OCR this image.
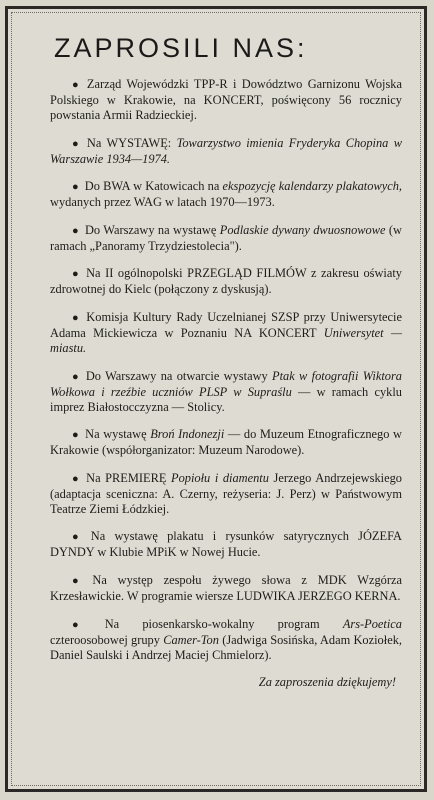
ZAPROSILI NAS:

● Zarząd Wojewódzki TPP-R i Dowództwo Garnizonu Wojska Polskiego w Krakowie, na KONCERT, poświęcony 56 rocznicy powstania Armii Radzieckiej.

● Na WYSTAWĘ: Towarzystwo imienia Fryderyka Chopina w Warszawie 1934—1974.

● Do BWA w Katowicach na ekspozycję kalendarzy plakatowych, wydanych przez WAG w latach 1970—1973.

● Do Warszawy na wystawę Podlaskie dywany dwuosnowowe (w ramach „Panoramy Trzydziestolecia").

● Na II ogólnopolski PRZEGLĄD FILMÓW z zakresu oświaty zdrowotnej do Kielc (połączony z dyskusją).

● Komisja Kultury Rady Uczelnianej SZSP przy Uniwersytecie Adama Mickiewicza w Poznaniu NA KONCERT Uniwersytet — miastu.

● Do Warszawy na otwarcie wystawy Ptak w fotografii Wiktora Wołkowa i rzeźbie uczniów PLSP w Supraślu — w ramach cyklu imprez Białostocczyzna — Stolicy.

● Na wystawę Broń Indonezji — do Muzeum Etnograficznego w Krakowie (współorganizator: Muzeum Narodowe).

● Na PREMIERĘ Popiołu i diamentu Jerzego Andrzejewskiego (adaptacja sceniczna: A. Czerny, reżyseria: J. Perz) w Państwowym Teatrze Ziemi Łódzkiej.

● Na wystawę plakatu i rysunków satyrycznych JÓZEFA DYNDY w Klubie MPiK w Nowej Hucie.

● Na występ zespołu żywego słowa z MDK Wzgórza Krzesławickie. W programie wiersze LUDWIKA JERZEGO KERNA.

● Na piosenkarsko-wokalny program Ars-Poetica czteroosobowej grupy Camer-Ton (Jadwiga Sosińska, Adam Koziołek, Daniel Saulski i Andrzej Maciej Chmielorz).

Za zaproszenia dziękujemy!
